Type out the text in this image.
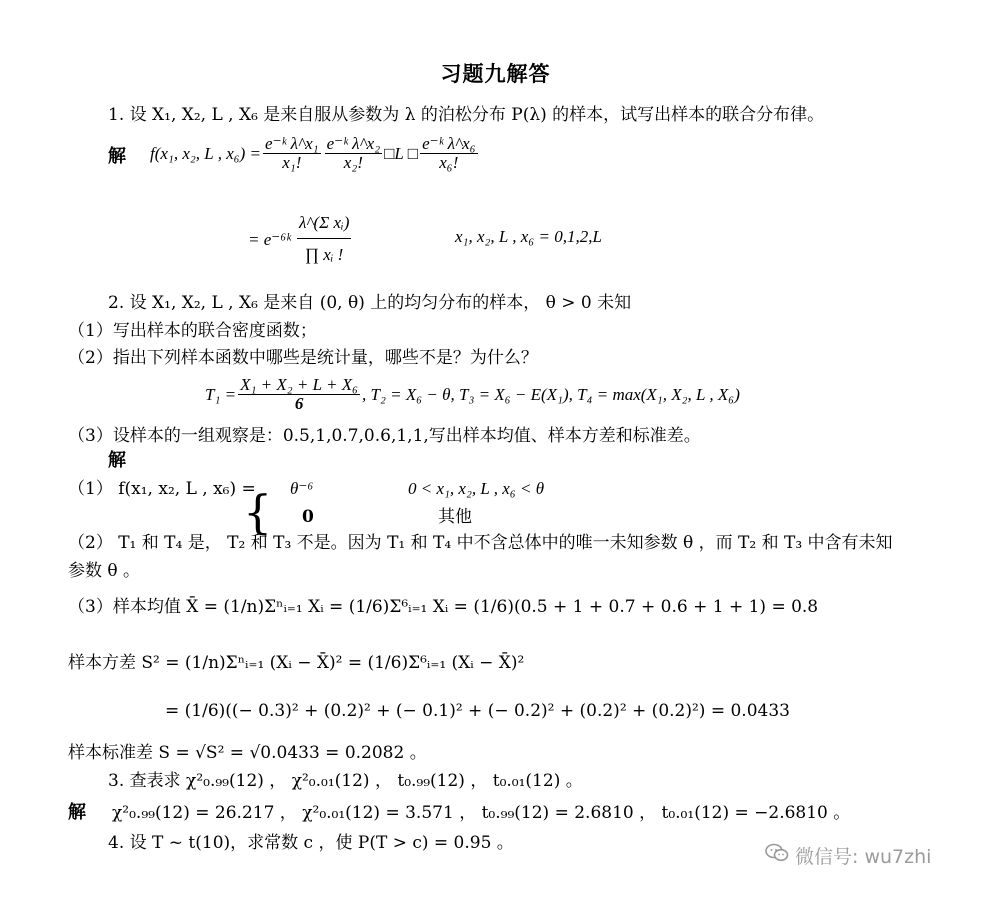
习题九解答
1. 设 X₁, X₂, L , X₆ 是来自服从参数为 λ 的泊松分布 P(λ) 的样本，试写出样本的联合分布律。
解 f(x₁, x₂, L , $x_6) = \frac{\text{e⁻ᵏ λ\textasciicircum{}x₁}}{\text{x₁!}} \frac{\text{e⁻ᵏ λ\textasciicircum{}x₂}}{\text{x₂!}}$ □L □ $\frac{\text{e⁻ᵏ λ\textasciicircum{}x₆}}{\text{x₆!}}$
= e⁻⁶ᵏ $\frac{\text{λ\textasciicircum{}(Σ xᵢ)}}{\text{∏ xᵢ !}}$	x₁, x₂, L , x₆ = 0,1,2,L
2. 设 X₁, X₂, L , X₆ 是来自 (0, θ) 上的均匀分布的样本， θ > 0 未知
（1）写出样本的联合密度函数；
（2）指出下列样本函数中哪些是统计量，哪些不是？为什么？
$T_1 = \frac{\text{X₁ + X₂ + L + X₆}}{6}$ , T₂ = X₆ − θ, T₃ = X₆ − E(X₁), T₄ = max(X₁, X₂, L , X₆)
（3）设样本的一组观察是：0.5,1,0.7,0.6,1,1,写出样本均值、样本方差和标准差。
解
（1） f(x₁, x₂, L , x₆) =
{ θ⁻⁶	0 < x₁, x₂, L , x₆ < θ
0	其他
（2） T₁ 和 T₄ 是， T₂ 和 T₃ 不是。因为 T₁ 和 T₄ 中不含总体中的唯一未知参数 θ ，而 T₂ 和 T₃ 中含有未知
参数 θ 。
（3）样本均值 X̄ = (1/n)Σⁿᵢ₌₁ Xᵢ = (1/6)Σ⁶ᵢ₌₁ Xᵢ = (1/6)(0.5 + 1 + 0.7 + 0.6 + 1 + 1) = 0.8
样本方差 S² = (1/n)Σⁿᵢ₌₁ (Xᵢ − X̄)² = (1/6)Σ⁶ᵢ₌₁ (Xᵢ − X̄)²
= (1/6)((− 0.3)² + (0.2)² + (− 0.1)² + (− 0.2)² + (0.2)² + (0.2)²) = 0.0433
样本标准差 S = √S² = √0.0433 = 0.2082 。
3. 查表求 χ²₀.₉₉(12) ， χ²₀.₀₁(12) ， t₀.₉₉(12) ， t₀.₀₁(12) 。
解 χ²₀.₉₉(12) = 26.217 ， χ²₀.₀₁(12) = 3.571 ， t₀.₉₉(12) = 2.6810 ， t₀.₀₁(12) = −2.6810 。
4. 设 T ~ t(10)，求常数 c ，使 P(T > c) = 0.95 。
微信号: wu7zhi
